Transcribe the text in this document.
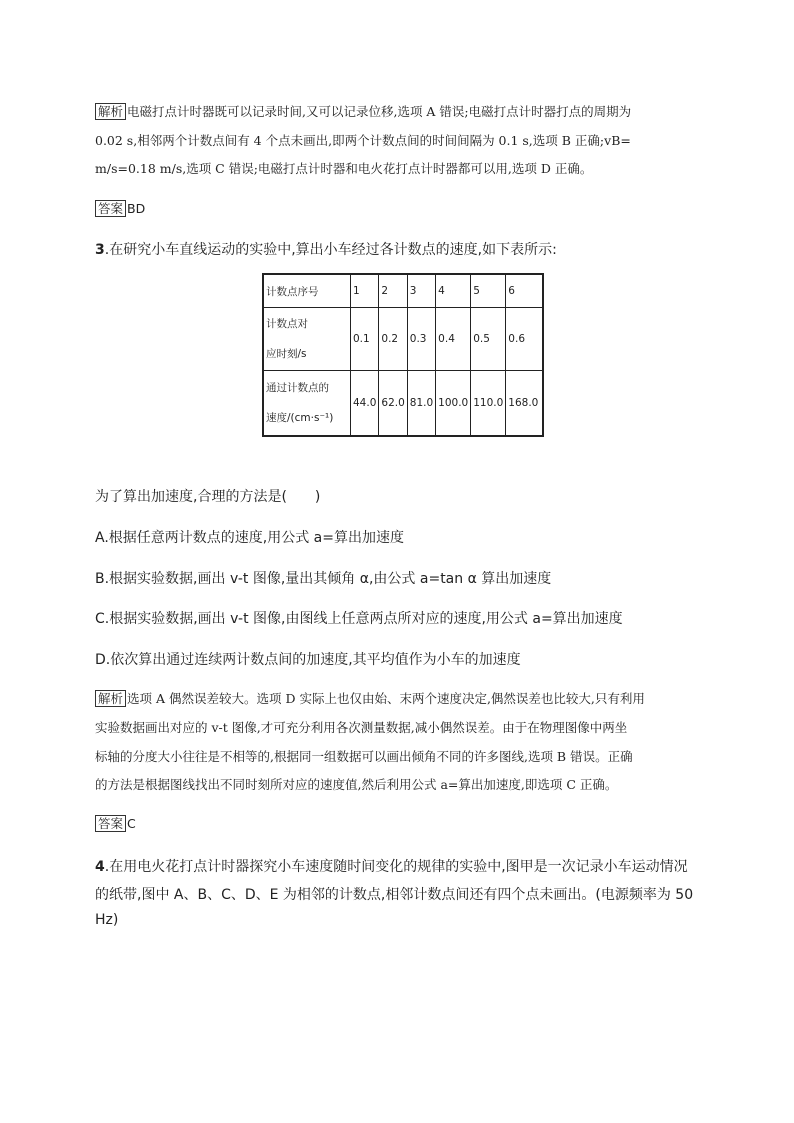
解析 电磁打点计时器既可以记录时间,又可以记录位移,选项 A 错误;电磁打点计时器打点的周期为
0.02 s,相邻两个计数点间有 4 个点未画出,即两个计数点间的时间间隔为 0.1 s,选项 B 正确;vB=
m/s=0.18 m/s,选项 C 错误;电磁打点计时器和电火花打点计时器都可以用,选项 D 正确。
答案 BD
3.在研究小车直线运动的实验中,算出小车经过各计数点的速度,如下表所示:
计数点序号	1	2	3	4	5	6

计数点对
应时刻/s	0.1	0.2	0.3	0.4	0.5	0.6

通过计数点的
速度/(cm·s⁻¹)	44.0	62.0	81.0	100.0	110.0	168.0
为了算出加速度,合理的方法是(　　)
A.根据任意两计数点的速度,用公式 a=算出加速度
B.根据实验数据,画出 v-t 图像,量出其倾角 α,由公式 a=tan α 算出加速度
C.根据实验数据,画出 v-t 图像,由图线上任意两点所对应的速度,用公式 a=算出加速度
D.依次算出通过连续两计数点间的加速度,其平均值作为小车的加速度
解析 选项 A 偶然误差较大。选项 D 实际上也仅由始、末两个速度决定,偶然误差也比较大,只有利用
实验数据画出对应的 v-t 图像,才可充分利用各次测量数据,减小偶然误差。由于在物理图像中两坐
标轴的分度大小往往是不相等的,根据同一组数据可以画出倾角不同的许多图线,选项 B 错误。正确
的方法是根据图线找出不同时刻所对应的速度值,然后利用公式 a=算出加速度,即选项 C 正确。
答案 C
4.在用电火花打点计时器探究小车速度随时间变化的规律的实验中,图甲是一次记录小车运动情况
的纸带,图中 A、B、C、D、E 为相邻的计数点,相邻计数点间还有四个点未画出。(电源频率为 50
Hz)
